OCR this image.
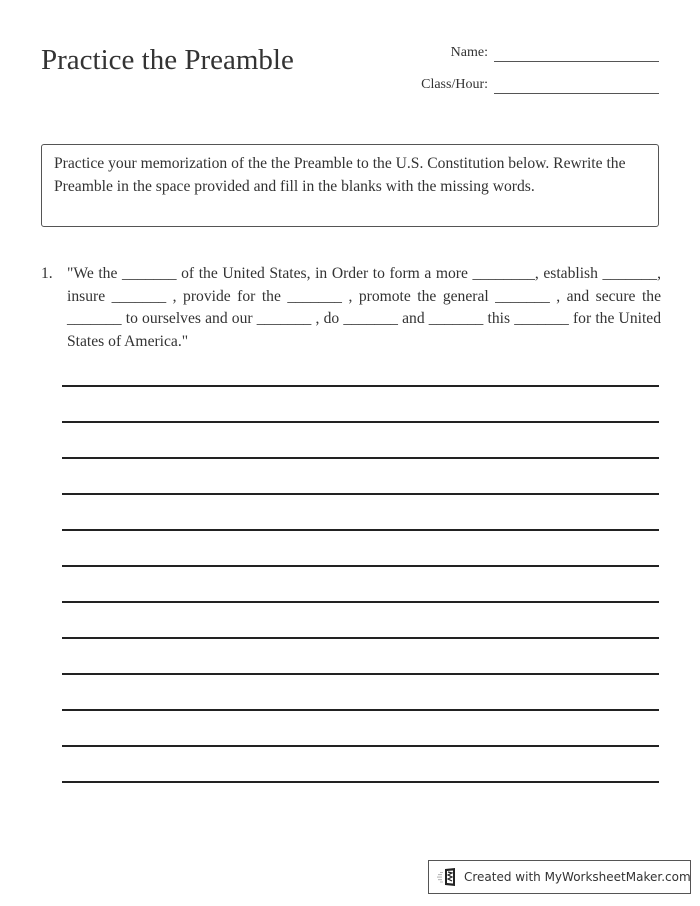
Practice the Preamble	Name:
Class/Hour:
Practice your memorization of the the Preamble to the U.S. Constitution below. Rewrite the Preamble in the space provided and fill in the blanks with the missing words.
1. "We the _______ of the United States, in Order to form a more ________, establish _______, insure _______ , provide for the _______ , promote the general _______ , and secure the _______ to ourselves and our _______ , do _______ and _______ this _______ for the United States of America."
Created with MyWorksheetMaker.com
